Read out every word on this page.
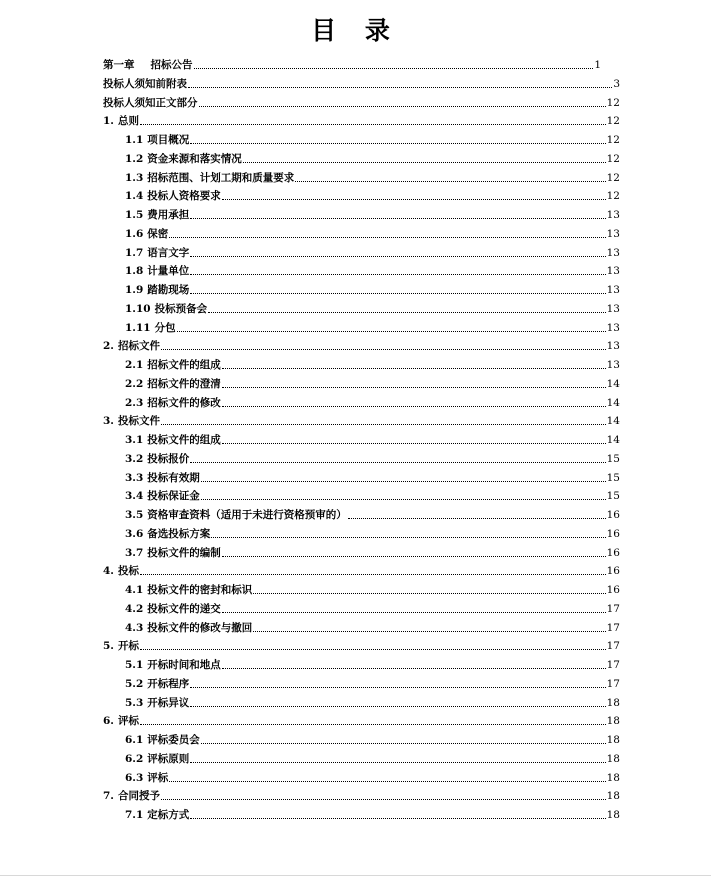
目 录
第一章 招标公告	1
投标人须知前附表	3
投标人须知正文部分	12
1. 总则	12
1.1 项目概况	12
1.2 资金来源和落实情况	12
1.3 招标范围、计划工期和质量要求	12
1.4 投标人资格要求	12
1.5 费用承担	13
1.6 保密	13
1.7 语言文字	13
1.8 计量单位	13
1.9 踏勘现场	13
1.10 投标预备会	13
1.11 分包	13
2. 招标文件	13
2.1 招标文件的组成	13
2.2 招标文件的澄清	14
2.3 招标文件的修改	14
3. 投标文件	14
3.1 投标文件的组成	14
3.2 投标报价	15
3.3 投标有效期	15
3.4 投标保证金	15
3.5 资格审查资料（适用于未进行资格预审的）	16
3.6 备选投标方案	16
3.7 投标文件的编制	16
4. 投标	16
4.1 投标文件的密封和标识	16
4.2 投标文件的递交	17
4.3 投标文件的修改与撤回	17
5. 开标	17
5.1 开标时间和地点	17
5.2 开标程序	17
5.3 开标异议	18
6. 评标	18
6.1 评标委员会	18
6.2 评标原则	18
6.3 评标	18
7. 合同授予	18
7.1 定标方式	18
